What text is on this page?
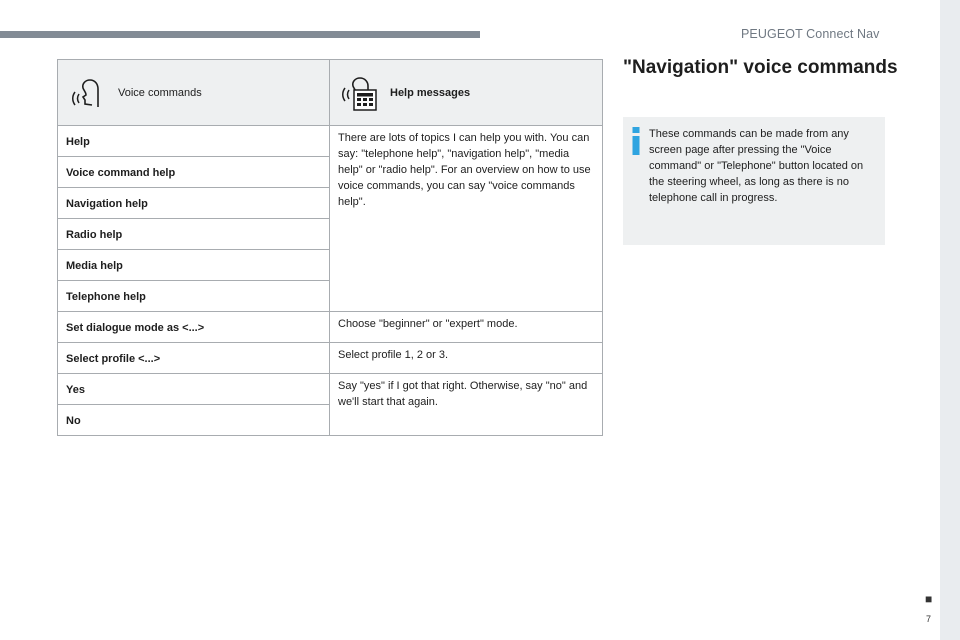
PEUGEOT Connect Nav
■
7
Voice commands	Help messages

Help	There are lots of topics I can help you with. You can say: "telephone help", "navigation help", "media help" or "radio help". For an overview on how to use voice commands, you can say "voice commands help".
Voice command help	
Navigation help	
Radio help	
Media help	
Telephone help	
Set dialogue mode as <...>	Choose "beginner" or "expert" mode.
Select profile <...>	Select profile 1, 2 or 3.
Yes	Say "yes" if I got that right. Otherwise, say "no" and we'll start that again.
No	
"Navigation" voice commands
These commands can be made from any screen page after pressing the "Voice command" or "Telephone" button located on the steering wheel, as long as there is no telephone call in progress.
